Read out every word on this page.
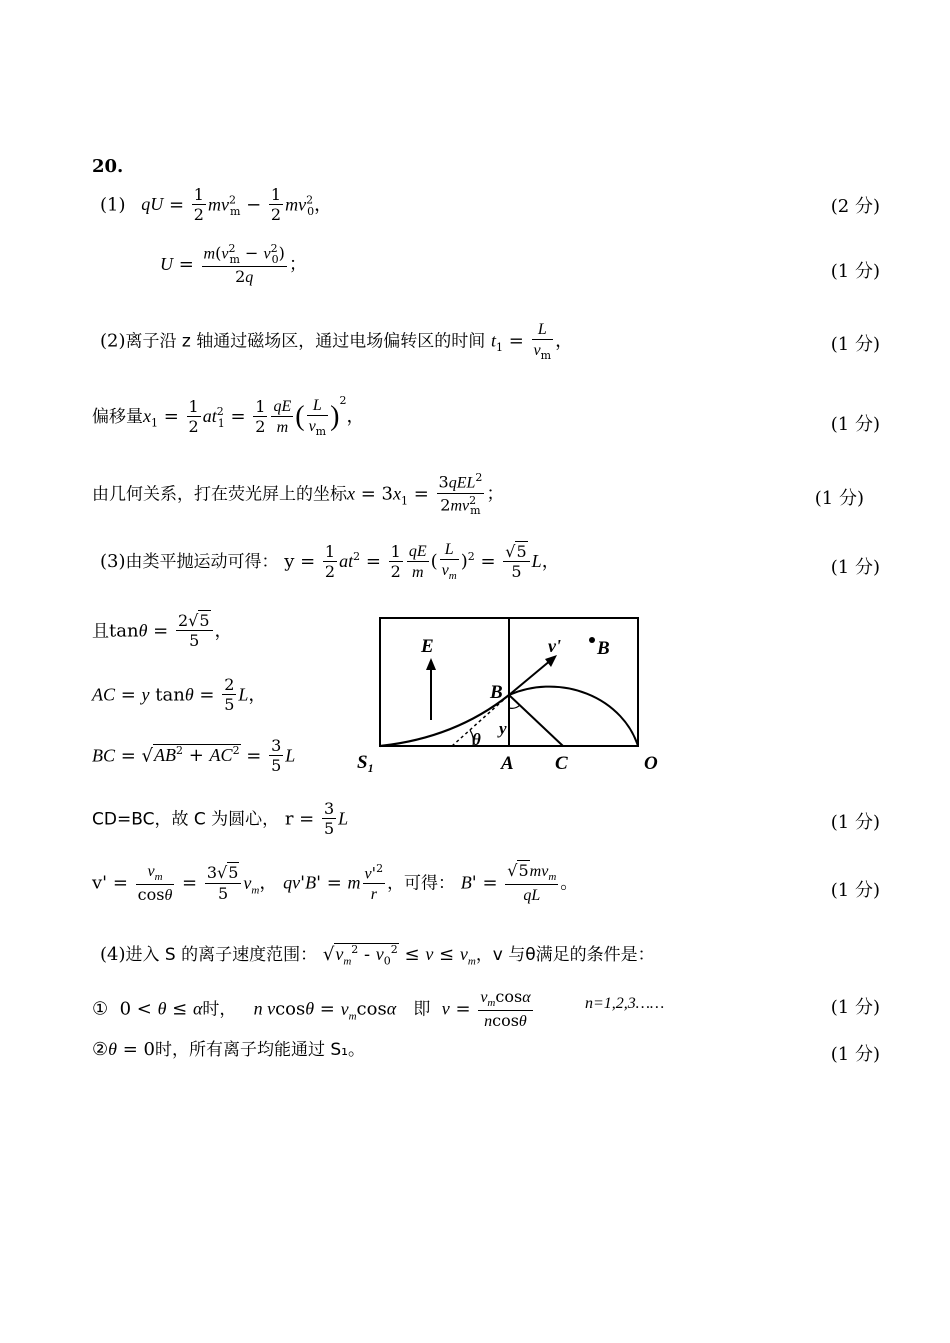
20.
(1) qU = $\frac{1}{2} mv^2_m - \frac{1}{2} mv^2_0$，	(2 分)
$U = \frac{m(v^2_m - v^2_0)}{2q}$ ；	(1 分)
(2)离子沿 z 轴通过磁场区，通过电场偏转区的时间 $t_1 = \frac{L}{v_m}$ ，	(1 分)
偏移量$x_1 = \frac{1}{2} at^2_1 = \frac{1}{2} \frac{qE}{m}$ ( $\frac{L}{v_m} )^2$，	(1 分)
由几何关系，打在荧光屏上的坐标$x = 3x_1 = \frac{3qEL^2}{2mv^2_m}$ ；	(1 分)
(3)由类平抛运动可得： $y = \frac{1}{2} at^2 = \frac{1}{2} \frac{qE}{m}$ ( $\frac{L}{v_m} )^2 = \frac{√5}{5}$ L，	(1 分)
且$\tan\theta = \frac{2√5}{5}$ ，
AC = y $\tan\theta = \frac{2}{5}$ L，
BC = $√AB^2 + AC^2 = \frac{3}{5}$ L
E	v' B
B
y
θ
S₁	A C	O
CD=BC，故 C 为圆心， $r = \frac{3}{5}$ L	(1 分)
$v' = \frac{v_m}{\cos\theta} = \frac{3√5}{5} v_m$， qv'B' = m $\frac{v'^2}{r}$ ，可得： $B' = \frac{√5mv_m}{qL}$ 。	(1 分)
(4)进入 S 的离子速度范围： $√v_m^2 - v_0^2 \le v \le v_m$，v 与θ满足的条件是：
①  0 < θ ≤ α时， n $vcos\theta = v_m\cos\alpha$ 即 $v = \frac{v_m\cos\alpha}{ncos\theta}$	n=1,2,3……	(1 分)
②θ = 0时，所有离子均能通过 S₁。	(1 分)
